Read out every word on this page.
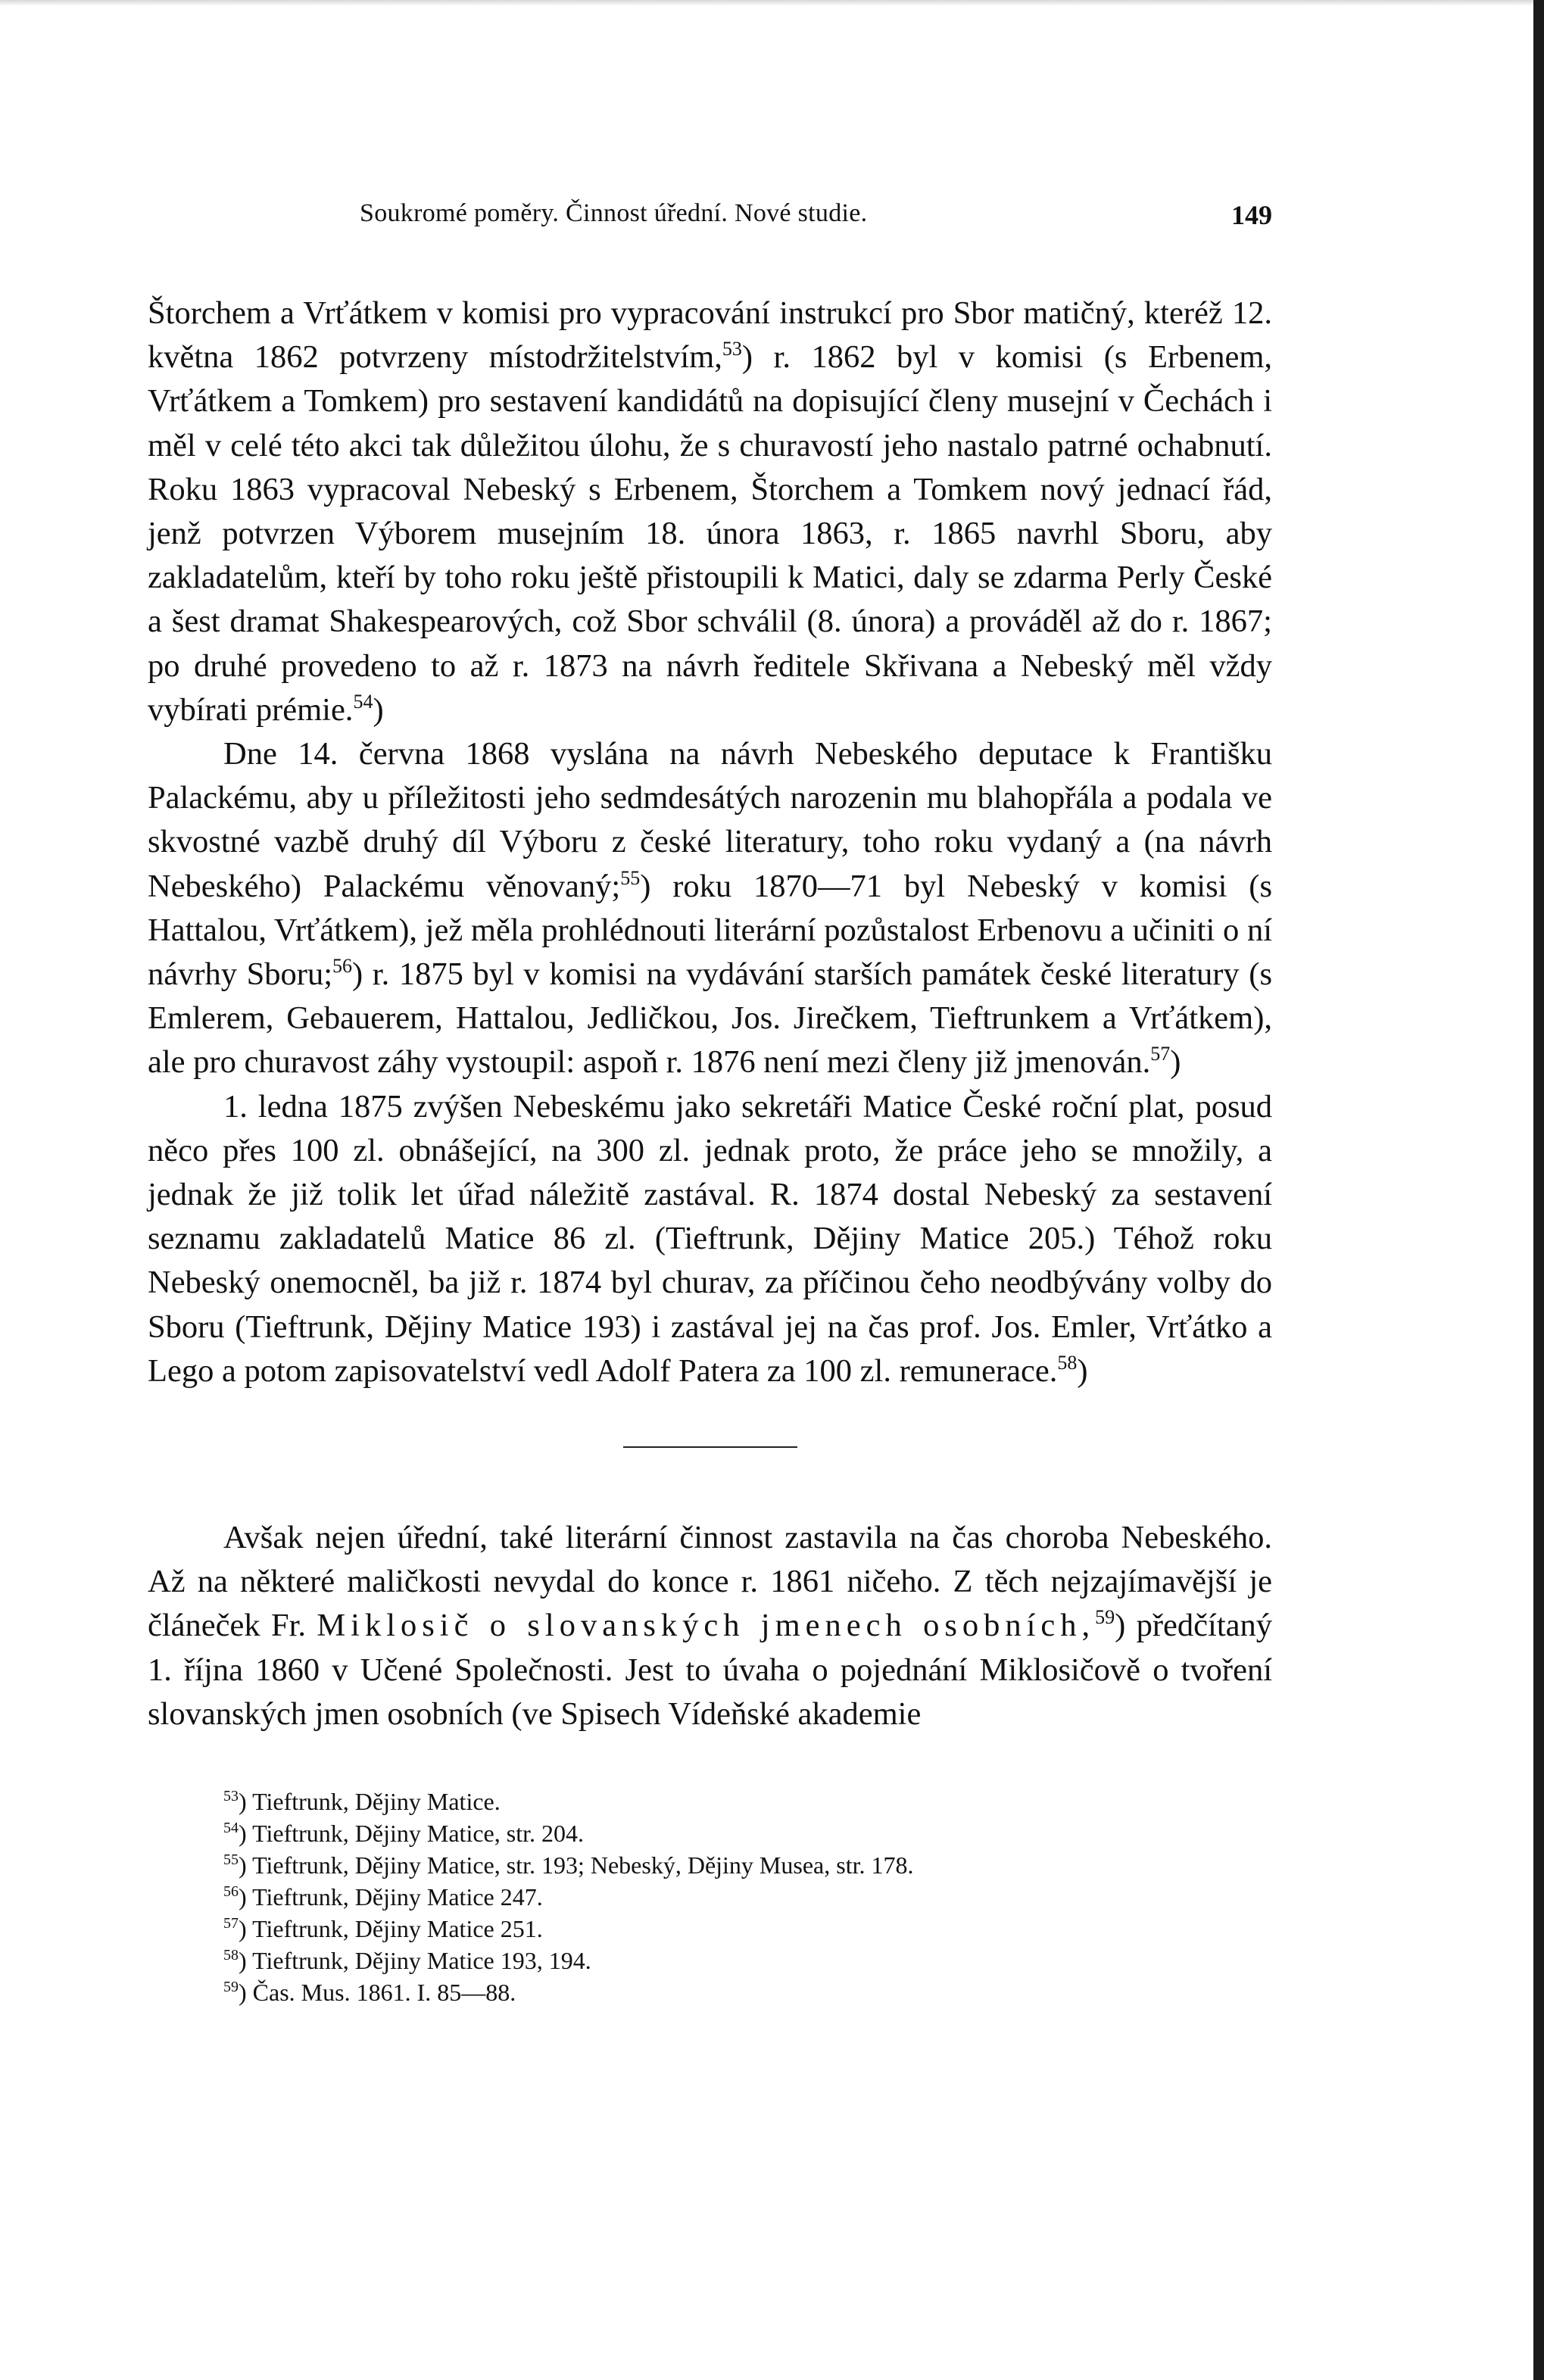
Soukromé poměry. Činnost úřední. Nové studie.	149

Štorchem a Vrťátkem v komisi pro vypracování instrukcí pro Sbor matičný, kteréž 12. května 1862 potvrzeny místodržitelstvím,$^{53}$) r. 1862 byl v komisi (s Erbenem, Vrťátkem a Tomkem) pro sestavení kandidátů na dopisující členy musejní v Čechách i měl v celé této akci tak důležitou úlohu, že s churavostí jeho nastalo patrné ochabnutí. Roku 1863 vypracoval Nebeský s Erbenem, Štorchem a Tomkem nový jednací řád, jenž potvrzen Výborem musejním 18. února 1863, r. 1865 navrhl Sboru, aby zakladatelům, kteří by toho roku ještě přistoupili k Matici, daly se zdarma Perly České a šest dramat Shakespearových, což Sbor schválil (8. února) a prováděl až do r. 1867; po druhé provedeno to až r. 1873 na návrh ředitele Skřivana a Nebeský měl vždy vybírati prémie.$^{54}$)

Dne 14. června 1868 vyslána na návrh Nebeského deputace k Františku Palackému, aby u příležitosti jeho sedmdesátých narozenin mu blahopřála a podala ve skvostné vazbě druhý díl Výboru z české literatury, toho roku vydaný a (na návrh Nebeského) Palackému věnovaný;$^{55}$) roku 1870—71 byl Nebeský v komisi (s Hattalou, Vrťátkem), jež měla prohlédnouti literární pozůstalost Erbenovu a učiniti o ní návrhy Sboru;$^{56}$) r. 1875 byl v komisi na vydávání starších památek české literatury (s Emlerem, Gebauerem, Hattalou, Jedličkou, Jos. Jirečkem, Tieftrunkem a Vrťátkem), ale pro churavost záhy vystoupil: aspoň r. 1876 není mezi členy již jmenován.$^{57}$)

1. ledna 1875 zvýšen Nebeskému jako sekretáři Matice České roční plat, posud něco přes 100 zl. obnášející, na 300 zl. jednak proto, že práce jeho se množily, a jednak že již tolik let úřad náležitě zastával. R. 1874 dostal Nebeský za sestavení seznamu zakladatelů Matice 86 zl. (Tieftrunk, Dějiny Matice 205.) Téhož roku Nebeský onemocněl, ba již r. 1874 byl churav, za příčinou čeho neodbývány volby do Sboru (Tieftrunk, Dějiny Matice 193) i zastával jej na čas prof. Jos. Emler, Vrťátko a Lego a potom zapisovatelství vedl Adolf Patera za 100 zl. remunerace.$^{58}$)

Avšak nejen úřední, také literární činnost zastavila na čas choroba Nebeského. Až na některé maličkosti nevydal do konce r. 1861 ničeho. Z těch nejzajímavější je článeček Fr. Miklosič o slovanských jmenech osobních,$^{59}$) předčítaný 1. října 1860 v Učené Společnosti. Jest to úvaha o pojednání Miklosičově o tvoření slovanských jmen osobních (ve Spisech Vídeňské akademie

$^{53}$) Tieftrunk, Dějiny Matice.
$^{54}$) Tieftrunk, Dějiny Matice, str. 204.
$^{55}$) Tieftrunk, Dějiny Matice, str. 193; Nebeský, Dějiny Musea, str. 178.
$^{56}$) Tieftrunk, Dějiny Matice 247.
$^{57}$) Tieftrunk, Dějiny Matice 251.
$^{58}$) Tieftrunk, Dějiny Matice 193, 194.
$^{59}$) Čas. Mus. 1861. I. 85—88.
